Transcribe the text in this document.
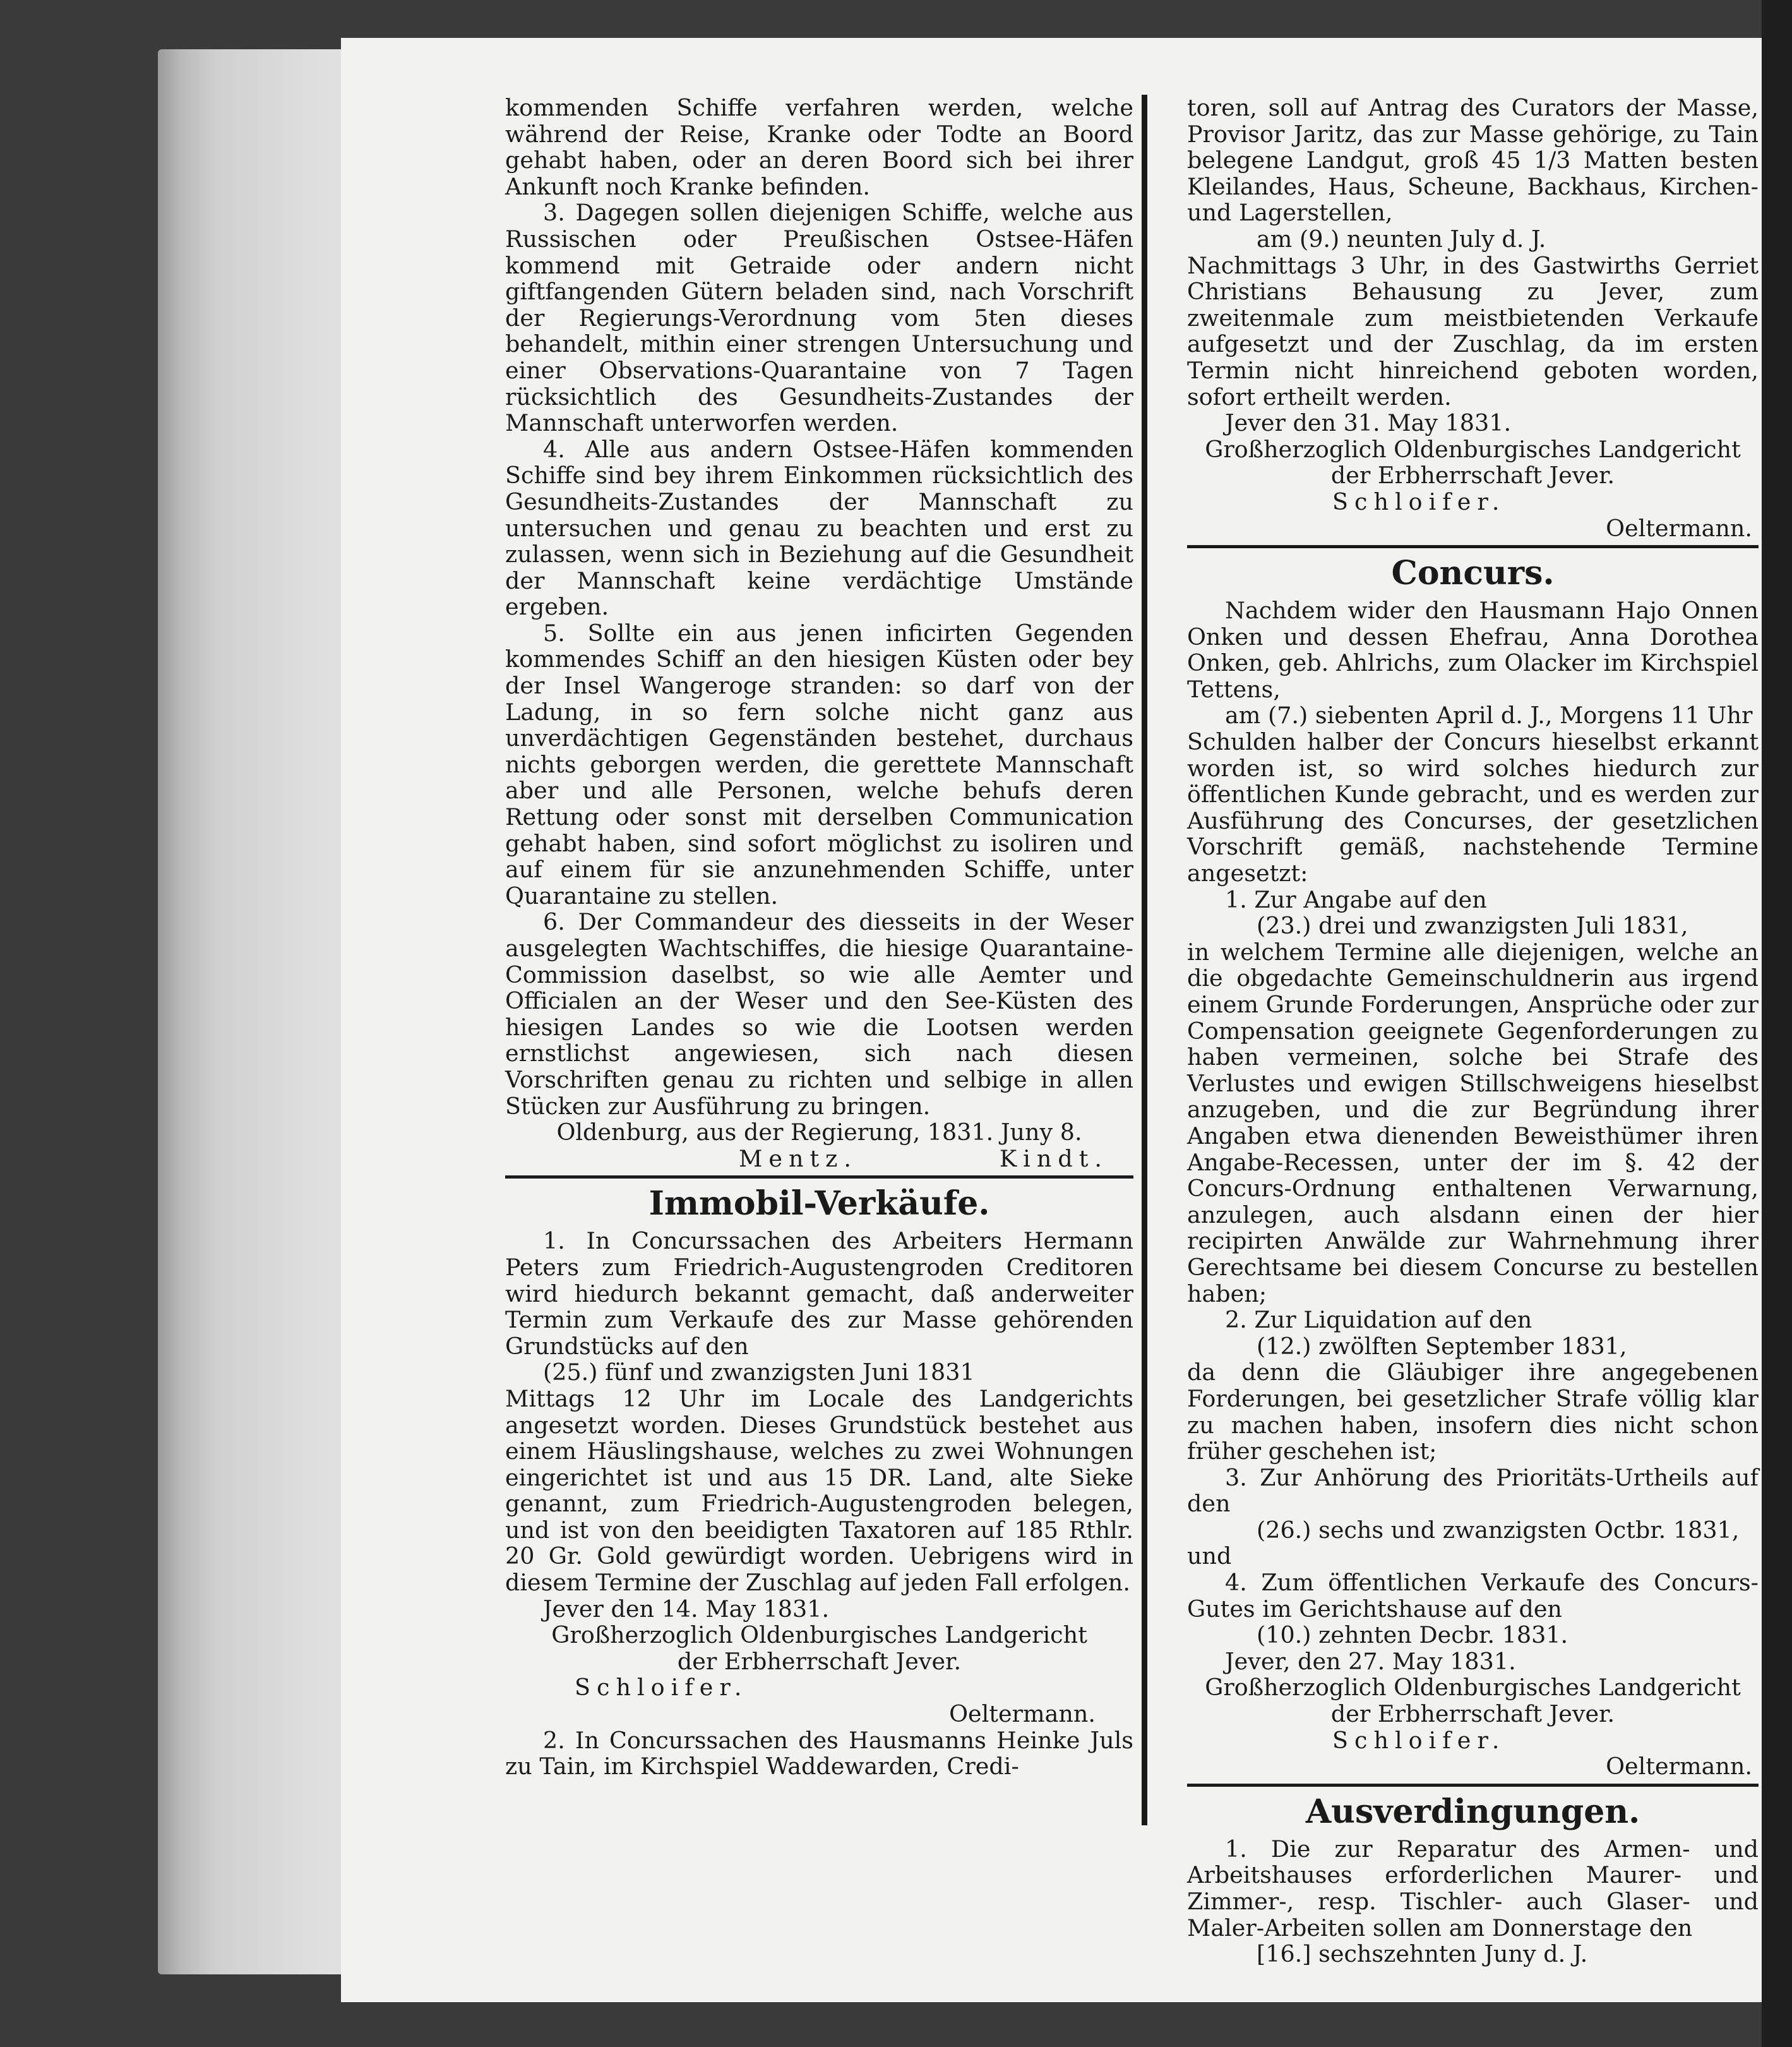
kommenden Schiffe verfahren werden, welche während der Reise, Kranke oder Todte an Boord gehabt haben, oder an deren Boord sich bei ihrer Ankunft noch Kranke befinden.

3. Dagegen sollen diejenigen Schiffe, welche aus Russischen oder Preußischen Ostsee-Häfen kommend mit Getraide oder andern nicht giftfangenden Gütern beladen sind, nach Vorschrift der Regierungs-Verordnung vom 5ten dieses behandelt, mithin einer strengen Untersuchung und einer Observations-Quarantaine von 7 Tagen rücksichtlich des Gesundheits-Zustandes der Mannschaft unterworfen werden.

4. Alle aus andern Ostsee-Häfen kommenden Schiffe sind bey ihrem Einkommen rücksichtlich des Gesundheits-Zustandes der Mannschaft zu untersuchen und genau zu beachten und erst zu zulassen, wenn sich in Beziehung auf die Gesundheit der Mannschaft keine verdächtige Umstände ergeben.

5. Sollte ein aus jenen inficirten Gegenden kommendes Schiff an den hiesigen Küsten oder bey der Insel Wangeroge stranden: so darf von der Ladung, in so fern solche nicht ganz aus unverdächtigen Gegenständen bestehet, durchaus nichts geborgen werden, die gerettete Mannschaft aber und alle Personen, welche behufs deren Rettung oder sonst mit derselben Communication gehabt haben, sind sofort möglichst zu isoliren und auf einem für sie anzunehmenden Schiffe, unter Quarantaine zu stellen.

6. Der Commandeur des diesseits in der Weser ausgelegten Wachtschiffes, die hiesige Quarantaine-Commission daselbst, so wie alle Aemter und Officialen an der Weser und den See-Küsten des hiesigen Landes so wie die Lootsen werden ernstlichst angewiesen, sich nach diesen Vorschriften genau zu richten und selbige in allen Stücken zur Ausführung zu bringen.

Oldenburg, aus der Regierung, 1831. Juny 8.

Mentz.	Kindt.
Immobil-Verkäufe.

1. In Concurssachen des Arbeiters Hermann Peters zum Friedrich-Augustengroden Creditoren wird hiedurch bekannt gemacht, daß anderweiter Termin zum Verkaufe des zur Masse gehörenden Grundstücks auf den

(25.) fünf und zwanzigsten Juni 1831

Mittags 12 Uhr im Locale des Landgerichts angesetzt worden. Dieses Grundstück bestehet aus einem Häuslingshause, welches zu zwei Wohnungen eingerichtet ist und aus 15 DR. Land, alte Sieke genannt, zum Friedrich-Augustengroden belegen, und ist von den beeidigten Taxatoren auf 185 Rthlr. 20 Gr. Gold gewürdigt worden. Uebrigens wird in diesem Termine der Zuschlag auf jeden Fall erfolgen.

Jever den 14. May 1831.

Großherzoglich Oldenburgisches Landgericht

der Erbherrschaft Jever.

Schloifer.

Oeltermann.

2. In Concurssachen des Hausmanns Heinke Juls zu Tain, im Kirchspiel Waddewarden, Credi-

toren, soll auf Antrag des Curators der Masse, Provisor Jaritz, das zur Masse gehörige, zu Tain belegene Landgut, groß 45 1/3 Matten besten Kleilandes, Haus, Scheune, Backhaus, Kirchen- und Lagerstellen,

am (9.) neunten July d. J.

Nachmittags 3 Uhr, in des Gastwirths Gerriet Christians Behausung zu Jever, zum zweitenmale zum meistbietenden Verkaufe aufgesetzt und der Zuschlag, da im ersten Termin nicht hinreichend geboten worden, sofort ertheilt werden.

Jever den 31. May 1831.

Großherzoglich Oldenburgisches Landgericht

der Erbherrschaft Jever.

Schloifer.

Oeltermann.

Concurs.

Nachdem wider den Hausmann Hajo Onnen Onken und dessen Ehefrau, Anna Dorothea Onken, geb. Ahlrichs, zum Olacker im Kirchspiel Tettens,

am (7.) siebenten April d. J., Morgens 11 Uhr

Schulden halber der Concurs hieselbst erkannt worden ist, so wird solches hiedurch zur öffentlichen Kunde gebracht, und es werden zur Ausführung des Concurses, der gesetzlichen Vorschrift gemäß, nachstehende Termine angesetzt:

1. Zur Angabe auf den

(23.) drei und zwanzigsten Juli 1831,

in welchem Termine alle diejenigen, welche an die obgedachte Gemeinschuldnerin aus irgend einem Grunde Forderungen, Ansprüche oder zur Compensation geeignete Gegenforderungen zu haben vermeinen, solche bei Strafe des Verlustes und ewigen Stillschweigens hieselbst anzugeben, und die zur Begründung ihrer Angaben etwa dienenden Beweisthümer ihren Angabe-Recessen, unter der im §. 42 der Concurs-Ordnung enthaltenen Verwarnung, anzulegen, auch alsdann einen der hier recipirten Anwälde zur Wahrnehmung ihrer Gerechtsame bei diesem Concurse zu bestellen haben;

2. Zur Liquidation auf den

(12.) zwölften September 1831,

da denn die Gläubiger ihre angegebenen Forderungen, bei gesetzlicher Strafe völlig klar zu machen haben, insofern dies nicht schon früher geschehen ist;

3. Zur Anhörung des Prioritäts-Urtheils auf den

(26.) sechs und zwanzigsten Octbr. 1831,

und

4. Zum öffentlichen Verkaufe des Concurs-Gutes im Gerichtshause auf den

(10.) zehnten Decbr. 1831.

Jever, den 27. May 1831.

Großherzoglich Oldenburgisches Landgericht

der Erbherrschaft Jever.

Schloifer.

Oeltermann.

Ausverdingungen.

1. Die zur Reparatur des Armen- und Arbeitshauses erforderlichen Maurer- und Zimmer-, resp. Tischler- auch Glaser- und Maler-Arbeiten sollen am Donnerstage den

[16.] sechszehnten Juny d. J.
